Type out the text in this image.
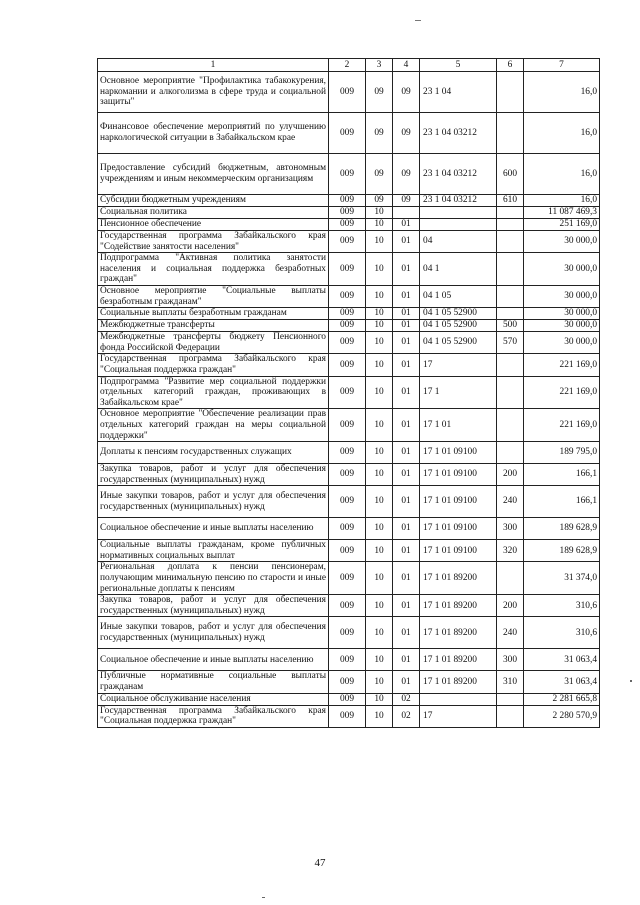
1	2	3	4	5	6	7
Основное мероприятие "Профилактика табакокурения, наркомании и алкоголизма в сфере труда и социальной защиты"	009	09	09	23 1 04		16,0
Финансовое обеспечение мероприятий по улучшению наркологической ситуации в Забайкальском крае	009	09	09	23 1 04 03212		16,0
Предоставление субсидий бюджетным, автономным учреждениям и иным некоммерческим организациям	009	09	09	23 1 04 03212	600	16,0
Субсидии бюджетным учреждениям	009	09	09	23 1 04 03212	610	16,0
Социальная политика	009	10				11 087 469,3
Пенсионное обеспечение	009	10	01			251 169,0
Государственная программа Забайкальского края "Содействие занятости населения"	009	10	01	04		30 000,0
Подпрограмма "Активная политика занятости населения и социальная поддержка безработных граждан"	009	10	01	04 1		30 000,0
Основное мероприятие "Социальные выплаты безработным гражданам"	009	10	01	04 1 05		30 000,0
Социальные выплаты безработным гражданам	009	10	01	04 1 05 52900		30 000,0
Межбюджетные трансферты	009	10	01	04 1 05 52900	500	30 000,0
Межбюджетные трансферты бюджету Пенсионного фонда Российской Федерации	009	10	01	04 1 05 52900	570	30 000,0
Государственная программа Забайкальского края "Социальная поддержка граждан"	009	10	01	17		221 169,0
Подпрограмма "Развитие мер социальной поддержки отдельных категорий граждан, проживающих в Забайкальском крае"	009	10	01	17 1		221 169,0
Основное мероприятие "Обеспечение реализации прав отдельных категорий граждан на меры социальной поддержки"	009	10	01	17 1 01		221 169,0
Доплаты к пенсиям государственных служащих	009	10	01	17 1 01 09100		189 795,0
Закупка товаров, работ и услуг для обеспечения государственных (муниципальных) нужд	009	10	01	17 1 01 09100	200	166,1
Иные закупки товаров, работ и услуг для обеспечения государственных (муниципальных) нужд	009	10	01	17 1 01 09100	240	166,1
Социальное обеспечение и иные выплаты населению	009	10	01	17 1 01 09100	300	189 628,9
Социальные выплаты гражданам, кроме публичных нормативных социальных выплат	009	10	01	17 1 01 09100	320	189 628,9
Региональная доплата к пенсии пенсионерам, получающим минимальную пенсию по старости и иные региональные доплаты к пенсиям	009	10	01	17 1 01 89200		31 374,0
Закупка товаров, работ и услуг для обеспечения государственных (муниципальных) нужд	009	10	01	17 1 01 89200	200	310,6
Иные закупки товаров, работ и услуг для обеспечения государственных (муниципальных) нужд	009	10	01	17 1 01 89200	240	310,6
Социальное обеспечение и иные выплаты населению	009	10	01	17 1 01 89200	300	31 063,4
Публичные нормативные социальные выплаты гражданам	009	10	01	17 1 01 89200	310	31 063,4
Социальное обслуживание населения	009	10	02			2 281 665,8
Государственная программа Забайкальского края "Социальная поддержка граждан"	009	10	02	17		2 280 570,9
47
